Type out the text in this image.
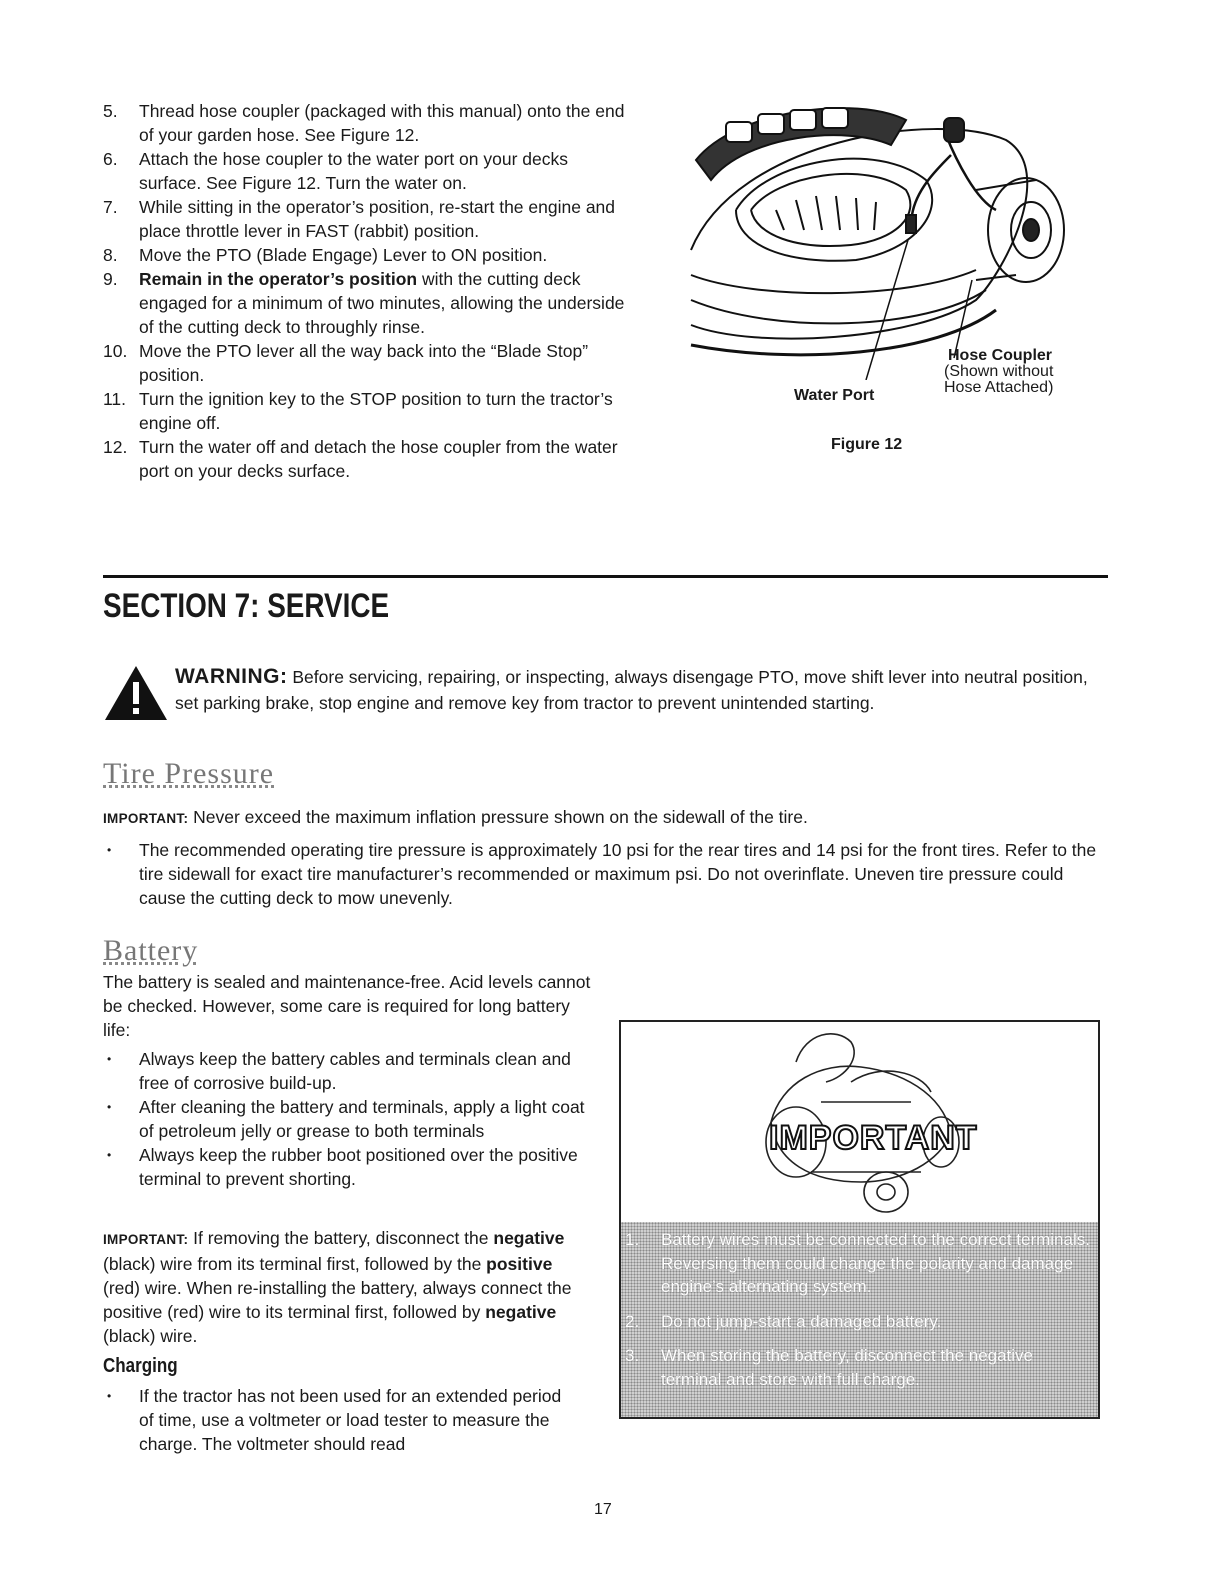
5. Thread hose coupler (packaged with this manual) onto the end of your garden hose. See Figure 12.
6. Attach the hose coupler to the water port on your decks surface. See Figure 12. Turn the water on.
7. While sitting in the operator’s position, re-start the engine and place throttle lever in FAST (rabbit) position.
8. Move the PTO (Blade Engage) Lever to ON position.
9. Remain in the operator’s position with the cutting deck engaged for a minimum of two minutes, allowing the underside of the cutting deck to throughly rinse.
10. Move the PTO lever all the way back into the “Blade Stop” position.
11. Turn the ignition key to the STOP position to turn the tractor’s engine off.
12. Turn the water off and detach the hose coupler from the water port on your decks surface.
Water Port
Hose Coupler
(Shown without
Hose Attached)
Figure 12
SECTION 7: SERVICE
WARNING: Before servicing, repairing, or inspecting, always disengage PTO, move shift lever into neutral position, set parking brake, stop engine and remove key from tractor to prevent unintended starting.
Tire Pressure
IMPORTANT: Never exceed the maximum inflation pressure shown on the sidewall of the tire.
• The recommended operating tire pressure is approximately 10 psi for the rear tires and 14 psi for the front tires. Refer to the tire sidewall for exact tire manufacturer’s recommended or maximum psi. Do not overinflate. Uneven tire pressure could cause the cutting deck to mow unevenly.
Battery
The battery is sealed and maintenance-free. Acid levels cannot be checked. However, some care is required for long battery life:
• Always keep the battery cables and terminals clean and free of corrosive build-up.
• After cleaning the battery and terminals, apply a light coat of petroleum jelly or grease to both terminals
• Always keep the rubber boot positioned over the positive terminal to prevent shorting.
IMPORTANT: If removing the battery, disconnect the negative (black) wire from its terminal first, followed by the positive (red) wire. When re-installing the battery, always connect the positive (red) wire to its terminal first, followed by negative (black) wire.
Charging
• If the tractor has not been used for an extended period of time, use a voltmeter or load tester to measure the charge. The voltmeter should read
IMPORTANT
1. Battery wires must be connected to the correct terminals. Reversing them could change the polarity and damage engine’s alternating system.
2. Do not jump-start a damaged battery.
3. When storing the battery, disconnect the negative terminal and store with full charge.
17
